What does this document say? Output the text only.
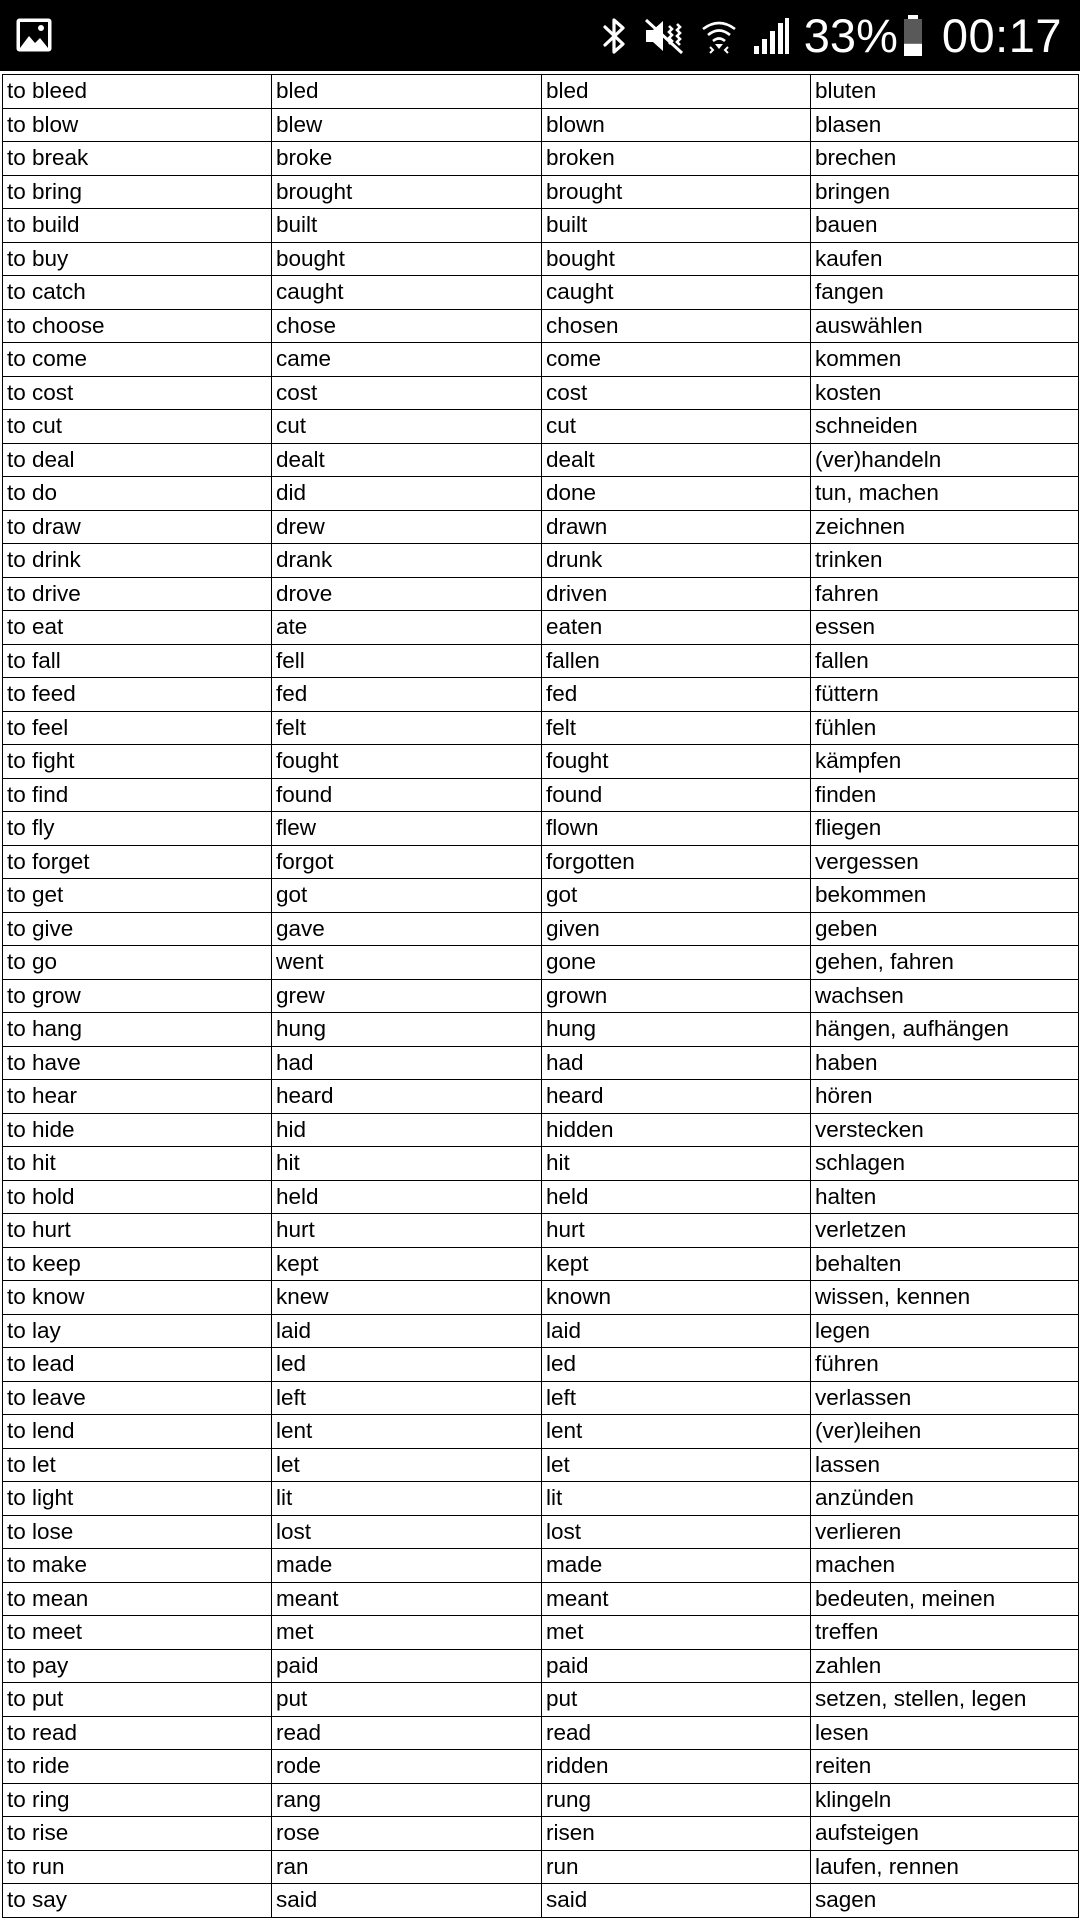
33% 00:17
to bleed	bled	bled	bluten
to blow	blew	blown	blasen
to break	broke	broken	brechen
to bring	brought	brought	bringen
to build	built	built	bauen
to buy	bought	bought	kaufen
to catch	caught	caught	fangen
to choose	chose	chosen	auswählen
to come	came	come	kommen
to cost	cost	cost	kosten
to cut	cut	cut	schneiden
to deal	dealt	dealt	(ver)handeln
to do	did	done	tun, machen
to draw	drew	drawn	zeichnen
to drink	drank	drunk	trinken
to drive	drove	driven	fahren
to eat	ate	eaten	essen
to fall	fell	fallen	fallen
to feed	fed	fed	füttern
to feel	felt	felt	fühlen
to fight	fought	fought	kämpfen
to find	found	found	finden
to fly	flew	flown	fliegen
to forget	forgot	forgotten	vergessen
to get	got	got	bekommen
to give	gave	given	geben
to go	went	gone	gehen, fahren
to grow	grew	grown	wachsen
to hang	hung	hung	hängen, aufhängen
to have	had	had	haben
to hear	heard	heard	hören
to hide	hid	hidden	verstecken
to hit	hit	hit	schlagen
to hold	held	held	halten
to hurt	hurt	hurt	verletzen
to keep	kept	kept	behalten
to know	knew	known	wissen, kennen
to lay	laid	laid	legen
to lead	led	led	führen
to leave	left	left	verlassen
to lend	lent	lent	(ver)leihen
to let	let	let	lassen
to light	lit	lit	anzünden
to lose	lost	lost	verlieren
to make	made	made	machen
to mean	meant	meant	bedeuten, meinen
to meet	met	met	treffen
to pay	paid	paid	zahlen
to put	put	put	setzen, stellen, legen
to read	read	read	lesen
to ride	rode	ridden	reiten
to ring	rang	rung	klingeln
to rise	rose	risen	aufsteigen
to run	ran	run	laufen, rennen
to say	said	said	sagen
